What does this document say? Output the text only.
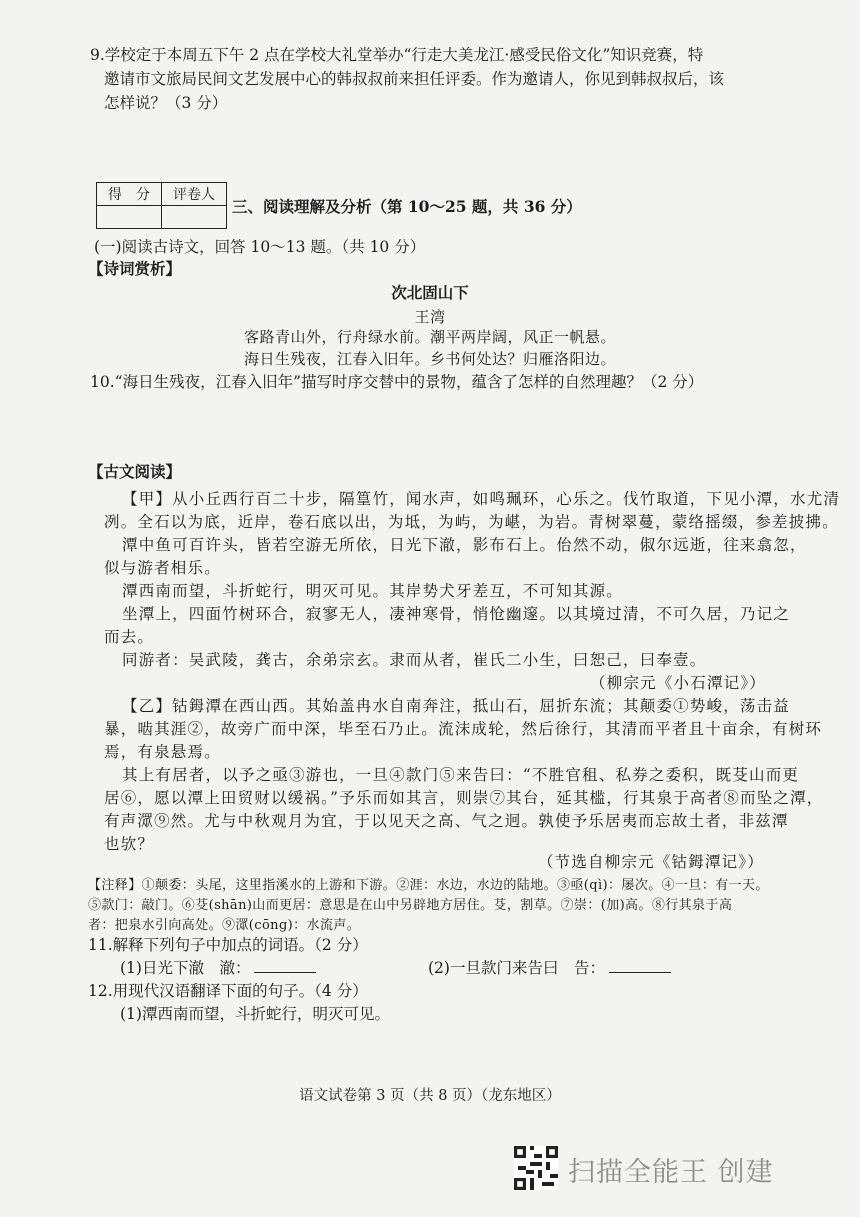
9.学校定于本周五下午 2 点在学校大礼堂举办“行走大美龙江·感受民俗文化”知识竞赛，特
邀请市文旅局民间文艺发展中心的韩叔叔前来担任评委。作为邀请人，你见到韩叔叔后，该
怎样说？（3 分）
得　分	评卷人

三、阅读理解及分析（第 10～25 题，共 36 分）
(一)阅读古诗文，回答 10～13 题。（共 10 分）
【诗词赏析】
次北固山下
王湾
客路青山外，行舟绿水前。潮平两岸阔，风正一帆悬。
海日生残夜，江春入旧年。乡书何处达？归雁洛阳边。
10.“海日生残夜，江春入旧年”描写时序交替中的景物，蕴含了怎样的自然理趣？（2 分）
【古文阅读】
【甲】从小丘西行百二十步，隔篁竹，闻水声，如鸣珮环，心乐之。伐竹取道，下见小潭，水尤清
冽。全石以为底，近岸，卷石底以出，为坻，为屿，为嵁，为岩。青树翠蔓，蒙络摇缀，参差披拂。
潭中鱼可百许头，皆若空游无所依，日光下澈，影布石上。佁然不动，俶尔远逝，往来翕忽，
似与游者相乐。
潭西南而望，斗折蛇行，明灭可见。其岸势犬牙差互，不可知其源。
坐潭上，四面竹树环合，寂寥无人，凄神寒骨，悄怆幽邃。以其境过清，不可久居，乃记之
而去。
同游者：吴武陵，龚古，余弟宗玄。隶而从者，崔氏二小生，曰恕己，曰奉壹。
（柳宗元《小石潭记》）
【乙】钴鉧潭在西山西。其始盖冉水自南奔注，抵山石，屈折东流；其颠委①势峻，荡击益
暴，啮其涯②，故旁广而中深，毕至石乃止。流沫成轮，然后徐行，其清而平者且十亩余，有树环
焉，有泉悬焉。
其上有居者，以予之亟③游也，一旦④款门⑤来告曰：“不胜官租、私券之委积，既芟山而更
居⑥，愿以潭上田贸财以缓祸。”予乐而如其言，则崇⑦其台，延其槛，行其泉于高者⑧而坠之潭，
有声潀⑨然。尤与中秋观月为宜，于以见天之高、气之迥。孰使予乐居夷而忘故土者，非兹潭
也欤？
（节选自柳宗元《钴鉧潭记》）
【注释】①颠委：头尾，这里指溪水的上游和下游。②涯：水边，水边的陆地。③亟(qì)：屡次。④一旦：有一天。
⑤款门：敲门。⑥芟(shān)山而更居：意思是在山中另辟地方居住。芟，割草。⑦崇：(加)高。⑧行其泉于高
者：把泉水引向高处。⑨潀(cōng)：水流声。
11.解释下列句子中加点的词语。（2 分）
(1)日光下澈　澈：	(2)一旦款门来告曰　告：
12.用现代汉语翻译下面的句子。（4 分）
(1)潭西南而望，斗折蛇行，明灭可见。
语文试卷第 3 页（共 8 页）（龙东地区）
扫描全能王 创建
